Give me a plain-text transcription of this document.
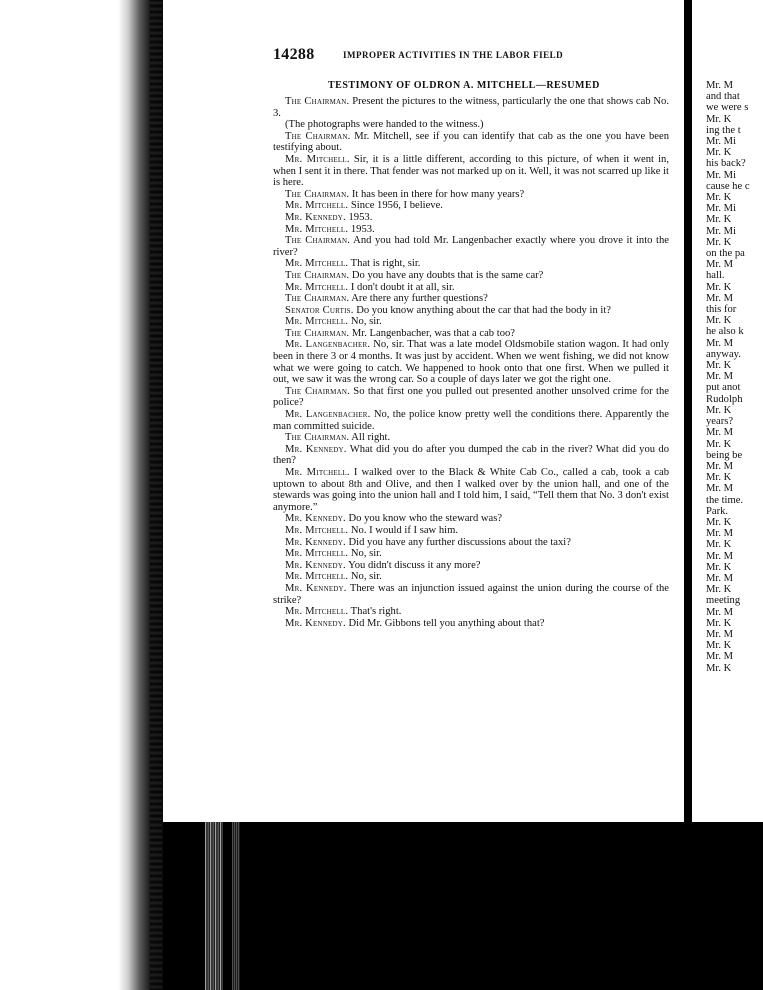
14288	IMPROPER ACTIVITIES IN THE LABOR FIELD
TESTIMONY OF OLDRON A. MITCHELL—RESUMED

The Chairman. Present the pictures to the witness, particularly the one that shows cab No. 3.

(The photographs were handed to the witness.)

The Chairman. Mr. Mitchell, see if you can identify that cab as the one you have been testifying about.

Mr. Mitchell. Sir, it is a little different, according to this picture, of when it went in, when I sent it in there. That fender was not marked up on it. Well, it was not scarred up like it is here.

The Chairman. It has been in there for how many years?

Mr. Mitchell. Since 1956, I believe.

Mr. Kennedy. 1953.

Mr. Mitchell. 1953.

The Chairman. And you had told Mr. Langenbacher exactly where you drove it into the river?

Mr. Mitchell. That is right, sir.

The Chairman. Do you have any doubts that is the same car?

Mr. Mitchell. I don't doubt it at all, sir.

The Chairman. Are there any further questions?

Senator Curtis. Do you know anything about the car that had the body in it?

Mr. Mitchell. No, sir.

The Chairman. Mr. Langenbacher, was that a cab too?

Mr. Langenbacher. No, sir. That was a late model Oldsmobile station wagon. It had only been in there 3 or 4 months. It was just by accident. When we went fishing, we did not know what we were going to catch. We happened to hook onto that one first. When we pulled it out, we saw it was the wrong car. So a couple of days later we got the right one.

The Chairman. So that first one you pulled out presented another unsolved crime for the police?

Mr. Langenbacher. No, the police know pretty well the conditions there. Apparently the man committed suicide.

The Chairman. All right.

Mr. Kennedy. What did you do after you dumped the cab in the river? What did you do then?

Mr. Mitchell. I walked over to the Black & White Cab Co., called a cab, took a cab uptown to about 8th and Olive, and then I walked over by the union hall, and one of the stewards was going into the union hall and I told him, I said, “Tell them that No. 3 don't exist anymore.”

Mr. Kennedy. Do you know who the steward was?

Mr. Mitchell. No. I would if I saw him.

Mr. Kennedy. Did you have any further discussions about the taxi?

Mr. Mitchell. No, sir.

Mr. Kennedy. You didn't discuss it any more?

Mr. Mitchell. No, sir.

Mr. Kennedy. There was an injunction issued against the union during the course of the strike?

Mr. Mitchell. That's right.

Mr. Kennedy. Did Mr. Gibbons tell you anything about that?

Mr. M

and that

we were s

Mr. K

ing the t

Mr. Mi

Mr. K

his back?

Mr. Mi

cause he c

Mr. K

Mr. Mi

Mr. K

Mr. Mi

Mr. K

on the pa

Mr. M

hall.

Mr. K

Mr. M

this for

Mr. K

he also k

Mr. M

anyway.

Mr. K

Mr. M

put anot

Rudolph

Mr. K

years?

Mr. M

Mr. K

being be

Mr. M

Mr. K

Mr. M

the time.

Park.

Mr. K

Mr. M

Mr. K

Mr. M

Mr. K

Mr. M

Mr. K

meeting

Mr. M

Mr. K

Mr. M

Mr. K

Mr. M

Mr. K
